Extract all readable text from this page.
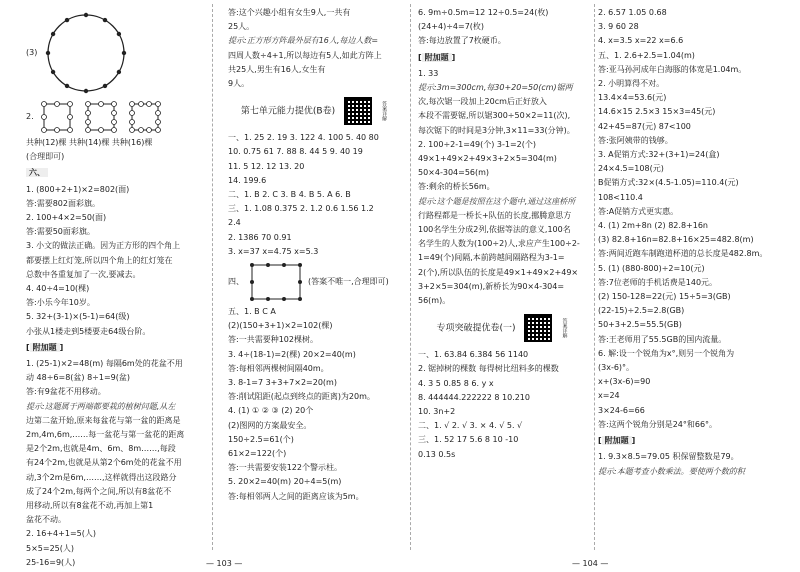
(3)
2.
共种(12)棵 共种(14)棵 共种(16)棵
(合理即可)
六、
1. (800+2+1)×2=802(面)
答:需要802面彩旗。
2. 100+4×2=50(面)
答:需要50面彩旗。
3. 小文的做法正确。因为正方形的四个角上
都要摆上红灯笼,所以四个角上的红灯笼在
总数中各重复加了一次,要减去。
4. 40÷4=10(棵)
答:小乐今年10岁。
5. 32+(3-1)×(5-1)=64(级)
小张从1楼走到5楼要走64级台阶。
[ 附加题 ]
1. (25-1)×2=48(m) 每隔6m处的花盆不用
动 48÷6=8(盆) 8÷1=9(盆)
答:有9盆花不用移动。
提示:这题属于两端都要栽的植树问题,从左
边第二盆开始,原来每盆花与第一盆的距离是
2m,4m,6m,……每一盆花与第一盆花的距离
是2个2m,也就是4m、6m、8m……,每段
有24个2m,也就是从第2个6m处的花盆不用
动,3个2m是6m,……,这样就得出这段路分
成了24个2m,每两个之间,所以有8盆花不
用移动,所以有8盆花不动,再加上第1
盆花不动。
2. 16+4+1=5(人)
5×5=25(人)
25-16=9(人)
答:这个兴趣小组有女生9人,一共有
25人。
提示:正方形方阵最外层有16人,每边人数=
四周人数÷4+1,所以每边有5人,如此方阵上
共25人,男生有16人,女生有
9人。
第七单元能力提优(B卷)	答案详解
一、1. 25 2. 19 3. 122 4. 100 5. 40 80
10. 0.75 61 7. 88 8. 44 5 9. 40 19
11. 5 12. 12 13. 20
14. 199.6
二、1. B 2. C 3. B 4. B 5. A 6. B
三、1. 1.08 0.375 2. 1.2 0.6 1.56 1.2
2.4
2. 1386 70 0.91
3. x=37 x=4.75 x=5.3
四、	(答案不唯一,合理即可)
五、1. B C A
(2)(150+3+1)×2=102(棵)
答:一共需要种102棵树。
3. 4÷(18-1)=2(棵) 20×2=40(m)
答:每相邻两棵树间隔40m。
3. 8-1=7 3+3+7×2=20(m)
答:削试阻距(起点到终点的距离)为20m。
4. (1) ① ② ③ (2) 20个
(2)图网的方案最安全。
150÷2.5=61(个)
61×2=122(个)
答:一共需要安装122个警示柱。
5. 20×2=40(m) 20÷4=5(m)
答:每相邻两人之间的距离应该为5m。
6. 9m÷0.5m=12 12÷0.5=24(枚)
(24+4)÷4=7(枚)
答:每边放置了7枚硬币。
[ 附加题 ]
1. 33
提示:3m=300cm,每30+20=50(cm)锯两
次,每次锯一段加上20cm后正好放入
本段不需要锯,所以锯300÷50×2=11(次),
每次锯下的时间是3分钟,3×11=33(分钟)。
2. 100÷2-1=49(个) 3-1=2(个)
49×1+49×2+49×3+2×5=304(m)
50×4-304=56(m)
答:剩余的桥长56m。
提示:这个题是按照在这个题中,通过这座桥所
行路程都是一桥长+队伍的长度,挪腾意思方
100名学生分成2列,依据等法的意义,100名
名学生的人数为(100÷2)人,求应产生100÷2-
1=49(个)间隔,本前跨越间隔路程为3-1=
2(个),所以队伍的长度是49×1+49×2+49×
3+2×5=304(m),新桥长为90×4-304=
56(m)。
专项突破提优卷(一)	答案详解
一、1. 63.84 6.384 56 1140
2. 锯掉树的棵数 每得树比纽料多的棵数
4. 3 5 0.85 8 6. y x
8. 444444.222222 8 10.210
10. 3n+2
二、1. √ 2. √ 3. × 4. √ 5. √
三、1. 52 17 5.6 8 10 -10
0.13 0.5s
2. 6.57 1.05 0.68
3. 9 60 28
4. x=3.5 x=22 x=6.6
五、1. 2.6+2.5=1.04(m)
答:亚马孙河成年白海豚的体宽是1.04m。
2. 小明算得不对。
13.4×4=53.6(元)
14.6×15 2.5×3 15×3=45(元)
42+45=87(元) 87<100
答:张阿姨带的钱够。
3. A促销方式:32+(3+1)=24(盒)
24×4.5=108(元)
B促销方式:32×(4.5-1.05)=110.4(元)
108<110.4
答:A促销方式更实惠。
4. (1) 2m+8n (2) 82.8+16n
(3) 82.8+16n=82.8+16×25=482.8(m)
答:两间近跑车制跑道杯道的总长度是482.8m。
5. (1) (880-800)÷2=10(元)
答:7位老师的手机话费是140元。
(2) 150-128=22(元) 15÷5=3(GB)
(22-15)÷2.5=2.8(GB)
50+3+2.5=55.5(GB)
答:王老师用了55.5GB的国内流量。
6. 解:设一个锐角为x°,则另一个锐角为
(3x-6)°。
x+(3x-6)=90
x=24
3×24-6=66
答:这两个锐角分别是24°和66°。
[ 附加题 ]
1. 9.3×8.5=79.05 积保留整数是79。
提示:本题考查小数乘法。要使两个数的积
— 103 —	— 104 —
